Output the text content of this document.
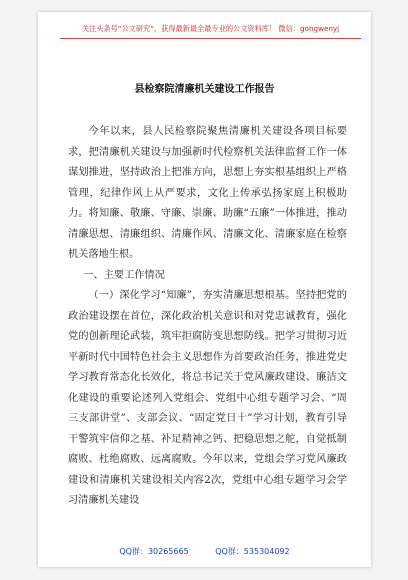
关注头条号“公文研究”，获得最新最全最专业的公文资料库！ 微信：gongwenyj
县检察院清廉机关建设工作报告

今年以来，县人民检察院聚焦清廉机关建设各项目标要求，把清廉机关建设与加强新时代检察机关法律监督工作一体谋划推进，坚持政治上把准方向，思想上夯实根基组织上严格管理，纪律作风上从严要求，文化上传承弘扬家庭上积极助力。将知廉、敬廉、守廉、崇廉、助廉“五廉”一体推进，推动清廉思想、清廉组织、清廉作风、清廉文化、清廉家庭在检察机关落地生根。

一、主要工作情况

（一）深化学习“知廉”，夯实清廉思想根基。坚持把党的政治建设摆在首位，深化政治机关意识和对党忠诚教育，强化党的创新理论武装，筑牢拒腐防变思想防线。把学习贯彻习近平新时代中国特色社会主义思想作为首要政治任务，推进党史学习教育常态化长效化，将总书记关于党风廉政建设、廉洁文化建设的重要论述列入党组会、党组中心组专题学习会、“周三支部讲堂”、支部会议、“固定党日十”学习计划，教育引导干警筑牢信仰之基、补足精神之钙、把稳思想之舵，自觉抵制腐败、杜绝腐败、远离腐败。今年以来，党组会学习党风廉政建设和清廉机关建设相关内容2次，党组中心组专题学习会学习清廉机关建设

QQ群：30265665	QQ群：535304092
